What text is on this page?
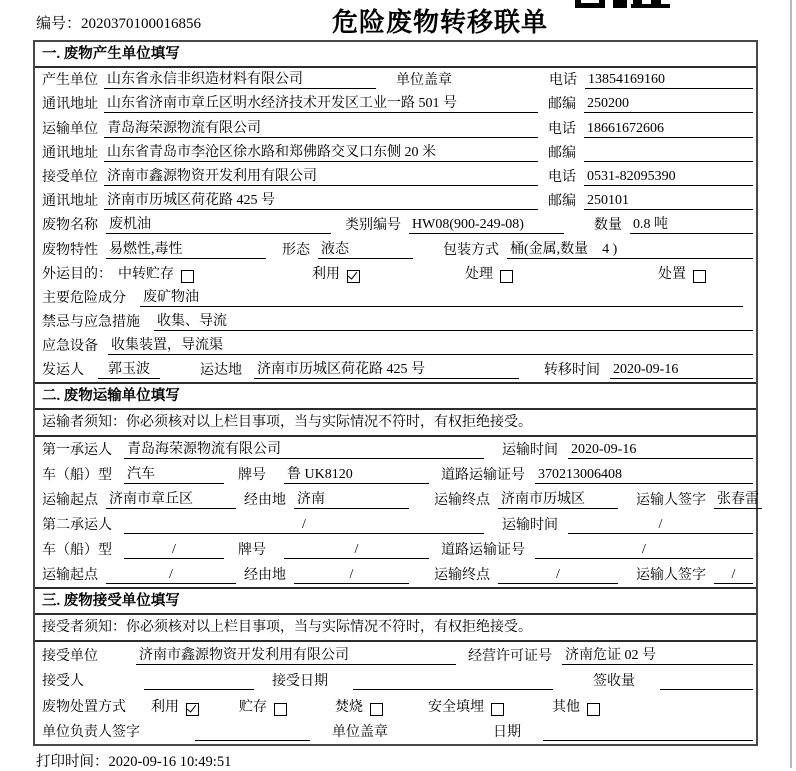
编号：2020370100016856	危险废物转移联单
一. 废物产生单位填写
产生单位 山东省永信非织造材料有限公司	单位盖章	电话 13854169160
通讯地址 山东省济南市章丘区明水经济技术开发区工业一路 501 号	邮编 250200
运输单位 青岛海荣源物流有限公司	电话 18661672606
通讯地址 山东省青岛市李沧区徐水路和郑佛路交叉口东侧 20 米	邮编
接受单位 济南市鑫源物资开发利用有限公司	电话 0531-82095390
通讯地址 济南市历城区荷花路 425 号	邮编 250101
废物名称 废机油	类别编号 HW08(900-249-08)	数量 0.8 吨
废物特性 易燃性,毒性	形态 液态	包装方式 桶(金属,数量　4 )
外运目的： 中转贮存	利用	处理	处置
主要危险成分 废矿物油
禁忌与应急措施 收集、导流
应急设备 收集装置，导流渠
发运人	郭玉波	运达地 济南市历城区荷花路 425 号	转移时间 2020-09-16
二. 废物运输单位填写
运输者须知：你必须核对以上栏目事项，当与实际情况不符时，有权拒绝接受。
第一承运人 青岛海荣源物流有限公司	运输时间 2020-09-16
车（船）型 汽车	牌号 鲁 UK8120	道路运输证号 370213006408
运输起点 济南市章丘区	经由地 济南	运输终点 济南市历城区	运输人签字 张春雷
第二承运人	/	运输时间	/
车（船）型	/	牌号	/	道路运输证号	/
运输起点	/	经由地	/	运输终点	/	运输人签字	/
三. 废物接受单位填写
接受者须知：你必须核对以上栏目事项，当与实际情况不符时，有权拒绝接受。
接受单位	济南市鑫源物资开发利用有限公司	经营许可证号 济南危证 02 号
接受人	接受日期	签收量
废物处置方式 利用	贮存	焚烧	安全填埋	其他
单位负责人签字	单位盖章	日期
打印时间：2020-09-16 10:49:51
